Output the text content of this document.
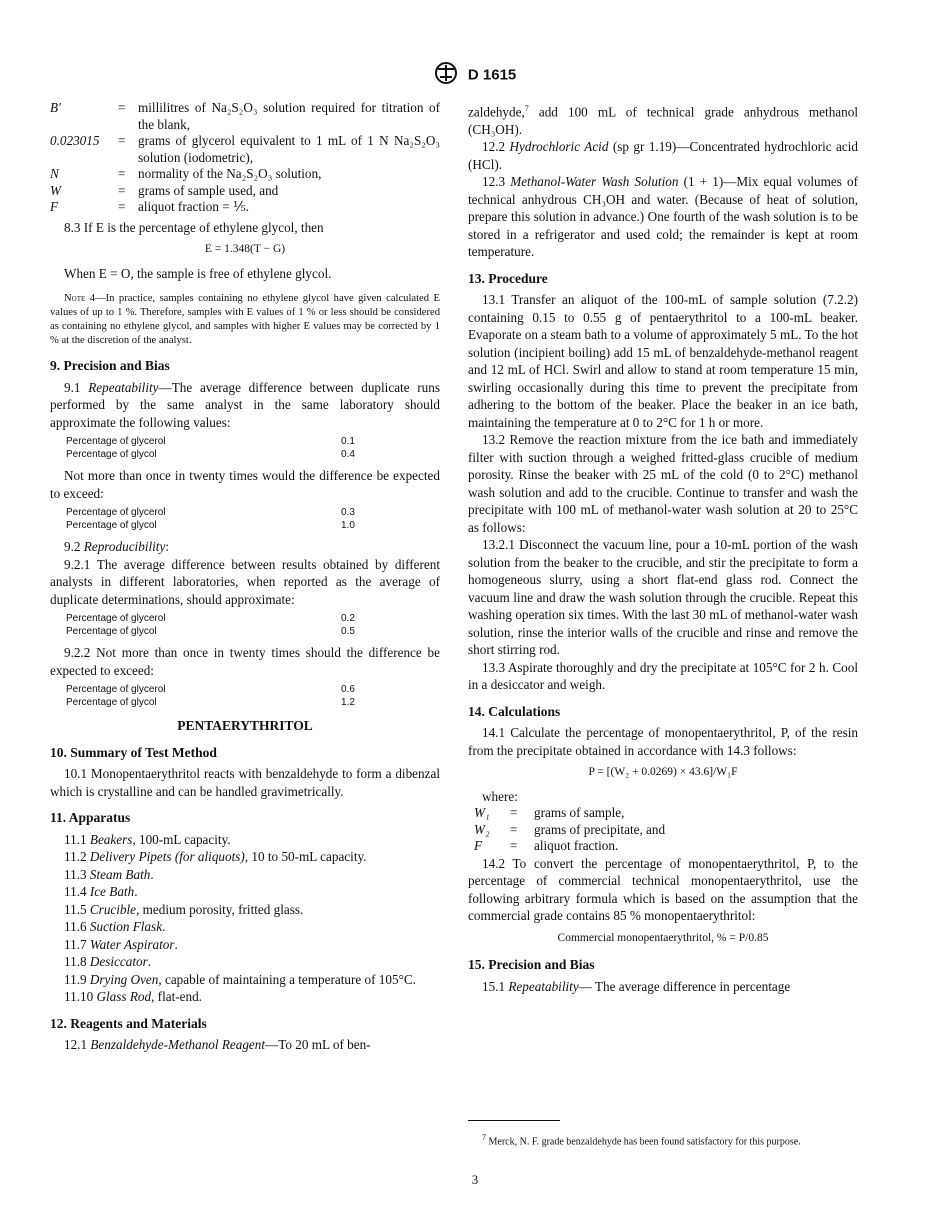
D 1615
B′	=	millilitres of Na₂S₂O₃ solution required for titration of the blank,
0.023015	=	grams of glycerol equivalent to 1 mL of 1 N Na₂S₂O₃ solution (iodometric),
N	=	normality of the Na₂S₂O₃ solution,
W	=	grams of sample used, and
F	=	aliquot fraction = ⅕.

8.3 If E is the percentage of ethylene glycol, then

E = 1.348(T − G)

When E = O, the sample is free of ethylene glycol.

Note 4—In practice, samples containing no ethylene glycol have given calculated E values of up to 1 %. Therefore, samples with E values of 1 % or less should be considered as containing no ethylene glycol, and samples with higher E values may be corrected by 1 % at the discretion of the analyst.
9. Precision and Bias

9.1 Repeatability—The average difference between duplicate runs performed by the same analyst in the same laboratory should approximate the following values:

Percentage of glycerol	0.1
Percentage of glycol	0.4

Not more than once in twenty times would the difference be expected to exceed:

Percentage of glycerol	0.3
Percentage of glycol	1.0

9.2 Reproducibility:

9.2.1 The average difference between results obtained by different analysts in different laboratories, when reported as the average of duplicate determinations, should approximate:

Percentage of glycerol	0.2
Percentage of glycol	0.5

9.2.2 Not more than once in twenty times should the difference be expected to exceed:

Percentage of glycerol	0.6
Percentage of glycol	1.2
PENTAERYTHRITOL
10. Summary of Test Method

10.1 Monopentaerythritol reacts with benzaldehyde to form a dibenzal which is crystalline and can be handled gravimetrically.

11. Apparatus

11.1 Beakers, 100-mL capacity.

11.2 Delivery Pipets (for aliquots), 10 to 50-mL capacity.

11.3 Steam Bath.

11.4 Ice Bath.

11.5 Crucible, medium porosity, fritted glass.

11.6 Suction Flask.

11.7 Water Aspirator.

11.8 Desiccator.

11.9 Drying Oven, capable of maintaining a temperature of 105°C.

11.10 Glass Rod, flat-end.

12. Reagents and Materials

12.1 Benzaldehyde-Methanol Reagent—To 20 mL of ben-

zaldehyde,$^7$ add 100 mL of technical grade anhydrous methanol (CH₃OH).

12.2 Hydrochloric Acid (sp gr 1.19)—Concentrated hydrochloric acid (HCl).

12.3 Methanol-Water Wash Solution (1 + 1)—Mix equal volumes of technical anhydrous CH₃OH and water. (Because of heat of solution, prepare this solution in advance.) One fourth of the wash solution is to be stored in a refrigerator and used cold; the remainder is kept at room temperature.

13. Procedure

13.1 Transfer an aliquot of the 100-mL of sample solution (7.2.2) containing 0.15 to 0.55 g of pentaerythritol to a 100-mL beaker. Evaporate on a steam bath to a volume of approximately 5 mL. To the hot solution (incipient boiling) add 15 mL of benzaldehyde-methanol reagent and 12 mL of HCl. Swirl and allow to stand at room temperature 15 min, swirling occasionally during this time to prevent the precipitate from adhering to the bottom of the beaker. Place the beaker in an ice bath, maintaining the temperature at 0 to 2°C for 1 h or more.

13.2 Remove the reaction mixture from the ice bath and immediately filter with suction through a weighed fritted-glass crucible of medium porosity. Rinse the beaker with 25 mL of the cold (0 to 2°C) methanol wash solution and add to the crucible. Continue to transfer and wash the precipitate with 100 mL of methanol-water wash solution at 20 to 25°C as follows:

13.2.1 Disconnect the vacuum line, pour a 10-mL portion of the wash solution from the beaker to the crucible, and stir the precipitate to form a homogeneous slurry, using a short flat-end glass rod. Connect the vacuum line and draw the wash solution through the crucible. Repeat this washing operation six times. With the last 30 mL of methanol-water wash solution, rinse the interior walls of the crucible and rinse and remove the short stirring rod.

13.3 Aspirate thoroughly and dry the precipitate at 105°C for 2 h. Cool in a desiccator and weigh.

14. Calculations

14.1 Calculate the percentage of monopentaerythritol, P, of the resin from the precipitate obtained in accordance with 14.3 follows:

P = [(W₂ + 0.0269) × 43.6]/W₁F

where:

W₁	=	grams of sample,
W₂	=	grams of precipitate, and
F	=	aliquot fraction.

14.2 To convert the percentage of monopentaerythritol, P, to the percentage of commercial technical monopentaerythritol, use the following arbitrary formula which is based on the assumption that the commercial grade contains 85 % monopentaerythritol:

Commercial monopentaerythritol, % = P/0.85
15. Precision and Bias

15.1 Repeatability— The average difference in percentage

$^7$ Merck, N. F. grade benzaldehyde has been found satisfactory for this purpose.
3
